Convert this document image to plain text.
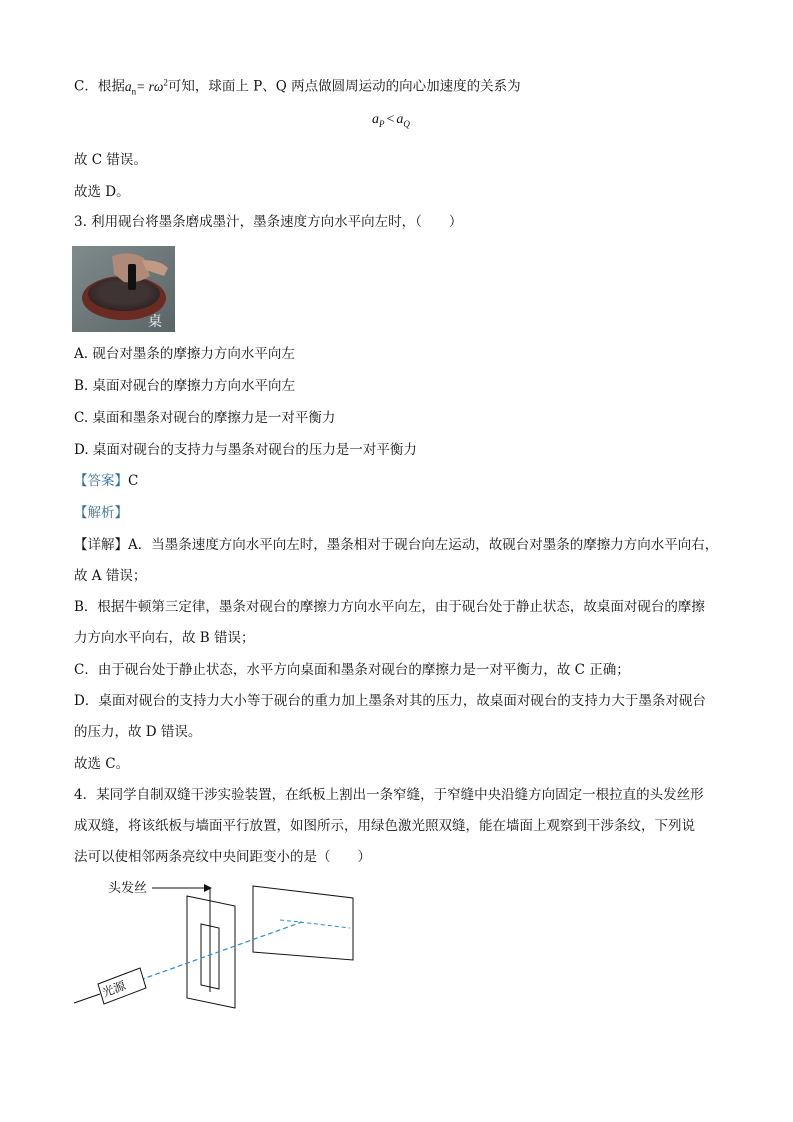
C．根据$a_n= r\omega^2$可知，球面上 P、Q 两点做圆周运动的向心加速度的关系为
$a_P < a_Q$
故 C 错误。
故选 D。
3. 利用砚台将墨条磨成墨汁，墨条速度方向水平向左时，（　　）
桌
A. 砚台对墨条的摩擦力方向水平向左
B. 桌面对砚台的摩擦力方向水平向左
C. 桌面和墨条对砚台的摩擦力是一对平衡力
D. 桌面对砚台的支持力与墨条对砚台的压力是一对平衡力
【答案】C
【解析】
【详解】A．当墨条速度方向水平向左时，墨条相对于砚台向左运动，故砚台对墨条的摩擦力方向水平向右，
故 A 错误；
B．根据牛顿第三定律，墨条对砚台的摩擦力方向水平向左，由于砚台处于静止状态，故桌面对砚台的摩擦
力方向水平向右，故 B 错误；
C．由于砚台处于静止状态，水平方向桌面和墨条对砚台的摩擦力是一对平衡力，故 C 正确；
D．桌面对砚台的支持力大小等于砚台的重力加上墨条对其的压力，故桌面对砚台的支持力大于墨条对砚台
的压力，故 D 错误。
故选 C。
4．某同学自制双缝干涉实验装置，在纸板上割出一条窄缝，于窄缝中央沿缝方向固定一根拉直的头发丝形
成双缝，将该纸板与墙面平行放置，如图所示，用绿色激光照双缝，能在墙面上观察到干涉条纹，下列说
法可以使相邻两条亮纹中央间距变小的是（　　）
头发丝
光源
